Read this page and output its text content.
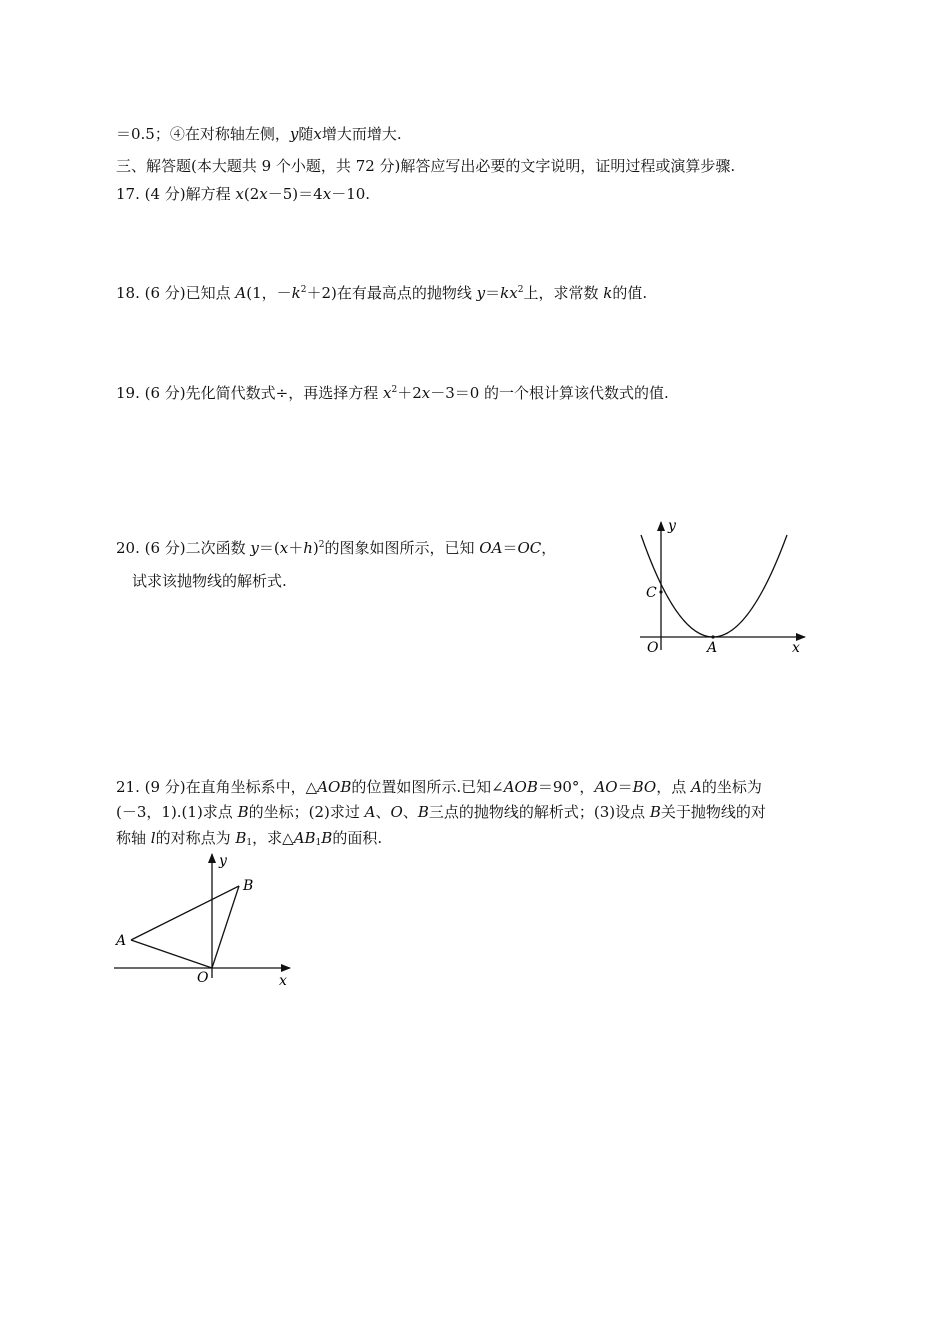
＝0.5；④在对称轴左侧，y随x增大而增大.
三、解答题(本大题共 9 个小题，共 72 分)解答应写出必要的文字说明，证明过程或演算步骤.
17. (4 分)解方程 x(2x－5)＝4x－10.
18. (6 分)已知点 A(1，$-k^2+2$)在有最高点的抛物线 $y=kx^2$上，求常数 k的值.
19. (6 分)先化简代数式÷，再选择方程 $x^2+2x-3=0$ 的一个根计算该代数式的值.
20. (6 分)二次函数 $y=(x+h)^2$的图象如图所示，已知 OA＝OC，
试求该抛物线的解析式.
y
x
C
O	A
21. (9 分)在直角坐标系中，△AOB的位置如图所示.已知∠AOB＝90°，AO＝BO，点 A的坐标为
(－3，1).(1)求点 B的坐标；(2)求过 A、O、B三点的抛物线的解析式；(3)设点 B关于抛物线的对
称轴 l的对称点为 $B_1$，求$\triangle AB_1B$的面积.
y
x
A
B
O
